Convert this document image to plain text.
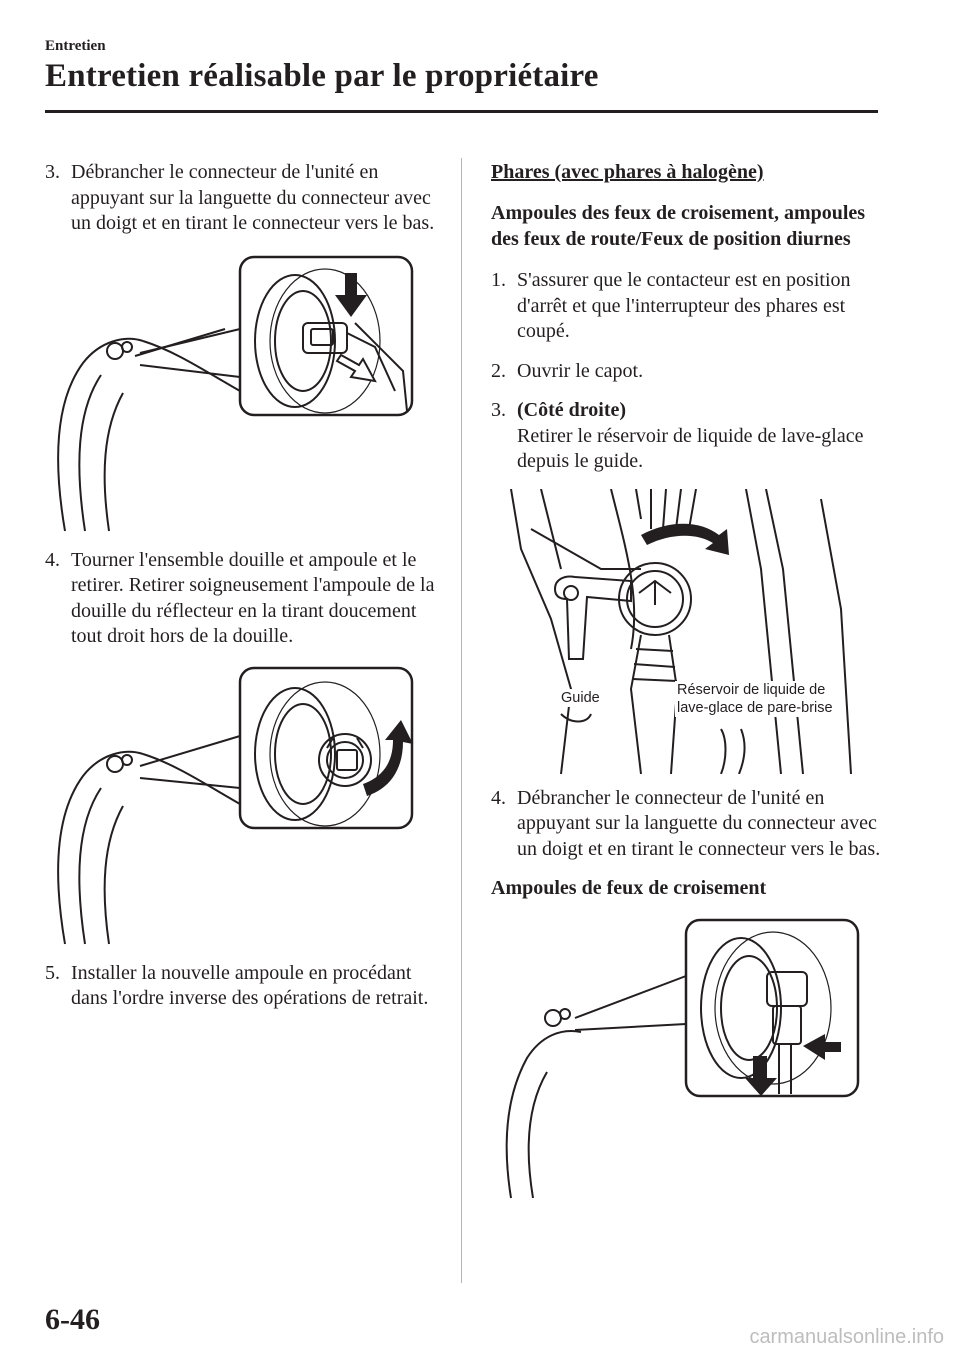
Entretien
Entretien réalisable par le propriétaire
3. Débrancher le connecteur de l'unité en appuyant sur la languette du connecteur avec un doigt et en tirant le connecteur vers le bas.
4. Tourner l'ensemble douille et ampoule et le retirer. Retirer soigneusement l'ampoule de la douille du réflecteur en la tirant doucement tout droit hors de la douille.
5. Installer la nouvelle ampoule en procédant dans l'ordre inverse des opérations de retrait.
Phares (avec phares à halogène)
Ampoules des feux de croisement, ampoules des feux de route/Feux de position diurnes
1. S'assurer que le contacteur est en position d'arrêt et que l'interrupteur des phares est coupé.
2. Ouvrir le capot.
3. (Côté droite)
Retirer le réservoir de liquide de lave-glace depuis le guide.
Guide	Réservoir de liquide de
lave-glace de pare-brise
4. Débrancher le connecteur de l'unité en appuyant sur la languette du connecteur avec un doigt et en tirant le connecteur vers le bas.
Ampoules de feux de croisement
6-46
carmanualsonline.info
